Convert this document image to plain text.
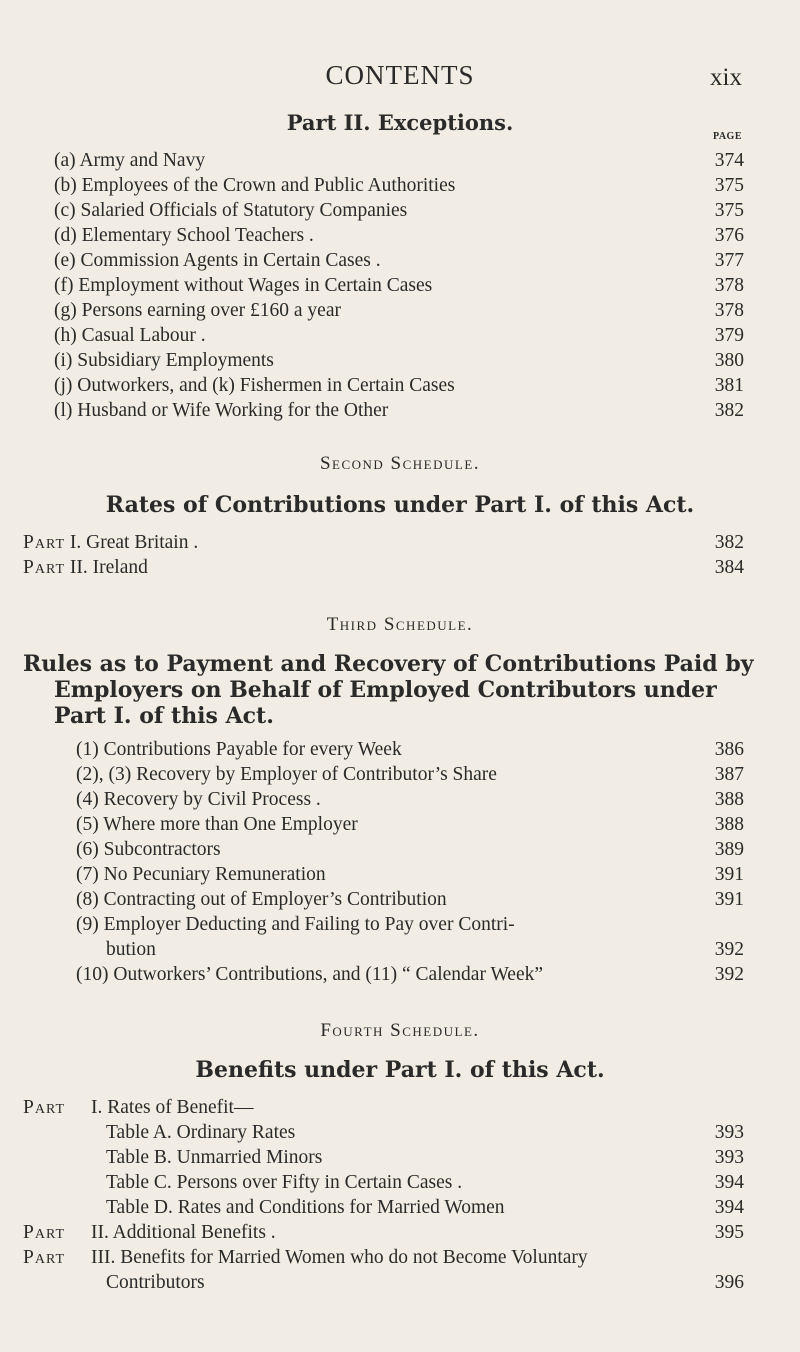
CONTENTS	xix
Part II. Exceptions.
PAGE
(a) Army and Navy	374
(b) Employees of the Crown and Public Authorities	375
(c) Salaried Officials of Statutory Companies	375
(d) Elementary School Teachers .	376
(e) Commission Agents in Certain Cases .	377
(f) Employment without Wages in Certain Cases	378
(g) Persons earning over £160 a year	378
(h) Casual Labour .	379
(i) Subsidiary Employments	380
(j) Outworkers, and (k) Fishermen in Certain Cases	381
(l) Husband or Wife Working for the Other	382
Second Schedule.
Rates of Contributions under Part I. of this Act.
Part I. Great Britain .	382
Part II. Ireland	384
Third Schedule.
Rules as to Payment and Recovery of Contributions Paid by
Employers on Behalf of Employed Contributors under
Part I. of this Act.
(1) Contributions Payable for every Week	386
(2), (3) Recovery by Employer of Contributor’s Share	387
(4) Recovery by Civil Process .	388
(5) Where more than One Employer	388
(6) Subcontractors	389
(7) No Pecuniary Remuneration	391
(8) Contracting out of Employer’s Contribution	391
(9) Employer Deducting and Failing to Pay over Contri-
bution	392
(10) Outworkers’ Contributions, and (11) “ Calendar Week”	392
Fourth Schedule.
Benefits under Part I. of this Act.
Part I. Rates of Benefit—
Table A. Ordinary Rates	393
Table B. Unmarried Minors	393
Table C. Persons over Fifty in Certain Cases .	394
Table D. Rates and Conditions for Married Women	394
Part II. Additional Benefits .	395
Part III. Benefits for Married Women who do not Become Voluntary
Contributors	396
